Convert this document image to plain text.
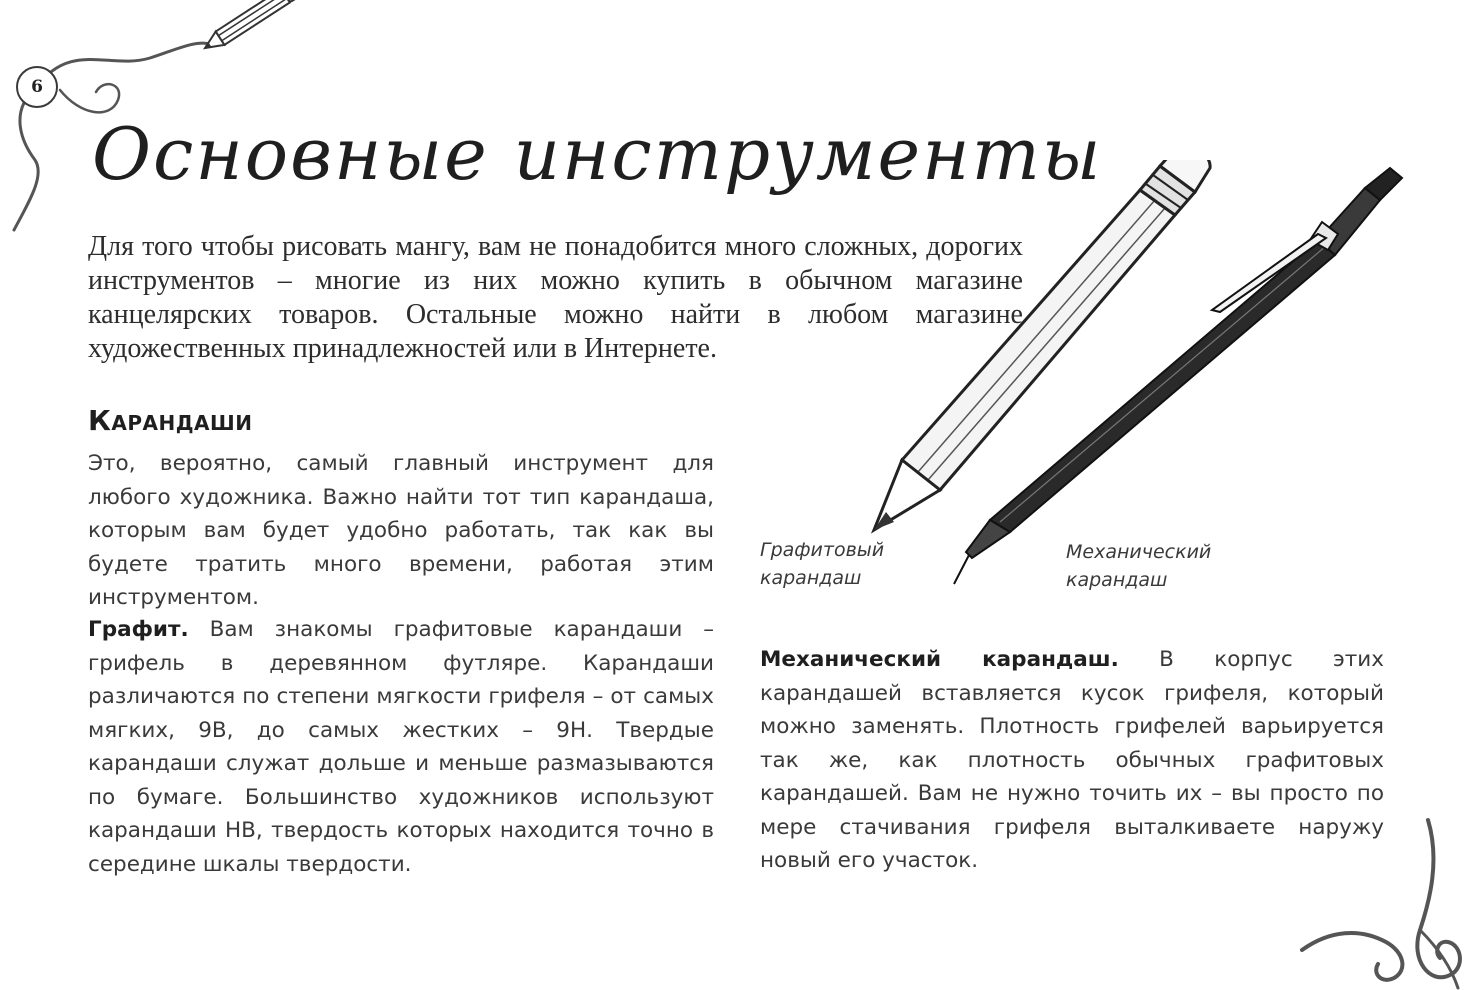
6
Основные инструменты

Для того чтобы рисовать мангу, вам не понадобится много сложных, дорогих инструментов – многие из них можно купить в обычном магазине канцелярских товаров. Остальные можно найти в любом магазине художественных принадлежностей или в Интернете.

Карандаши

Это, вероятно, самый главный инструмент для любого художника. Важно найти тот тип карандаша, которым вам будет удобно работать, так как вы будете тратить много времени, работая этим инструментом.

Графит. Вам знакомы графитовые карандаши – грифель в деревянном футляре. Карандаши различаются по степени мягкости грифеля – от самых мягких, 9В, до самых жестких – 9Н. Твердые карандаши служат дольше и меньше размазываются по бумаге. Большинство художников используют карандаши НВ, твердость которых находится точно в середине шкалы твердости.

Механический карандаш. В корпус этих карандашей вставляется кусок грифеля, который можно заменять. Плотность грифелей варьируется так же, как плотность обычных графитовых карандашей. Вам не нужно точить их – вы просто по мере стачивания грифеля выталкиваете наружу новый его участок.

Графитовый карандаш

Механический карандаш
